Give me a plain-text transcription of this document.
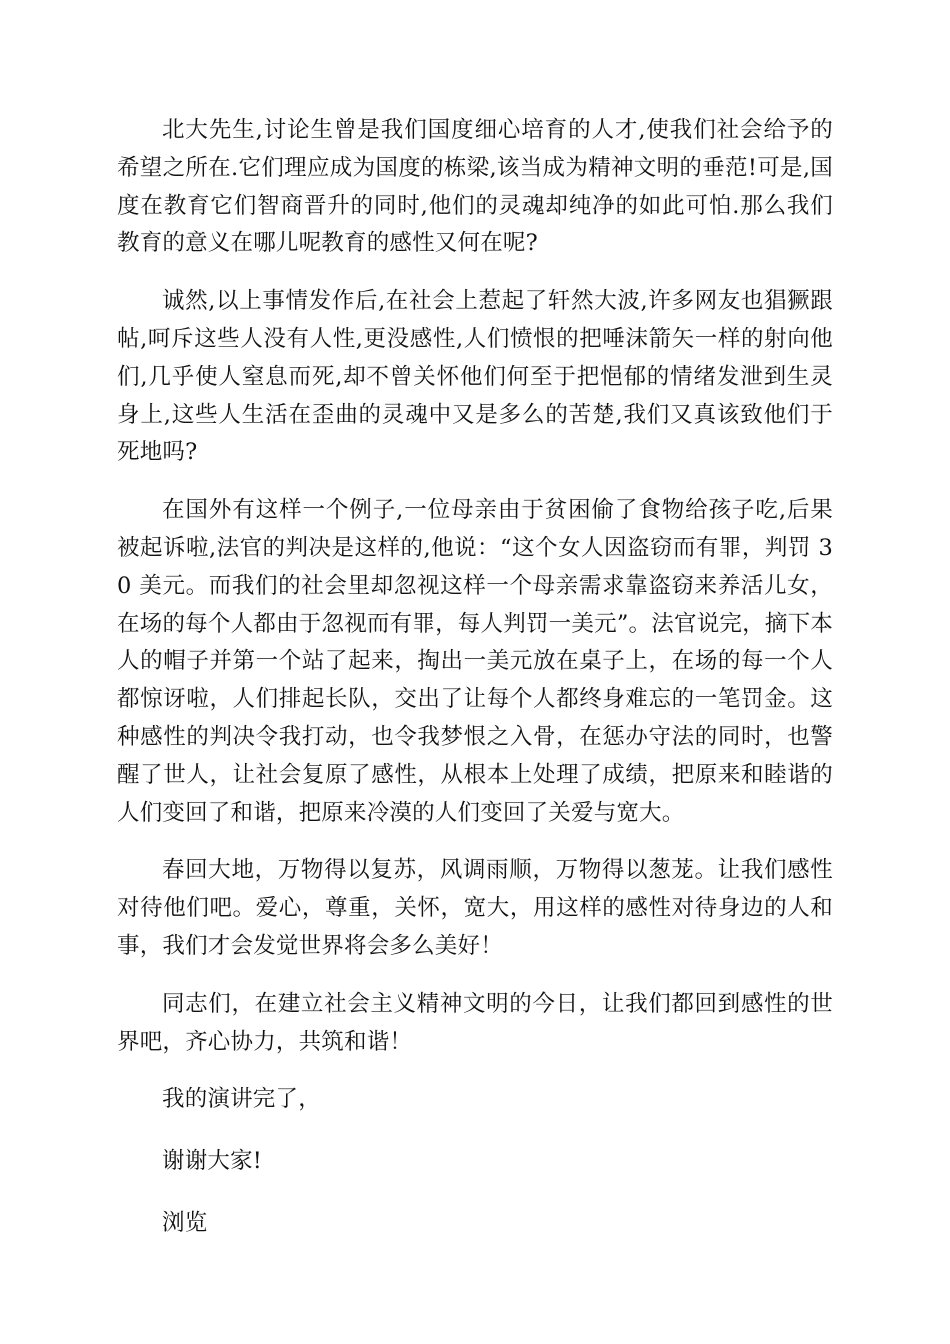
北大先生,讨论生曾是我们国度细心培育的人才,使我们社会给予的希望之所在.它们理应成为国度的栋梁,该当成为精神文明的垂范!可是,国度在教育它们智商晋升的同时,他们的灵魂却纯净的如此可怕.那么我们教育的意义在哪儿呢教育的感性又何在呢?

诚然,以上事情发作后,在社会上惹起了轩然大波,许多网友也猖獗跟帖,呵斥这些人没有人性,更没感性,人们愤恨的把唾沫箭矢一样的射向他们,几乎使人窒息而死,却不曾关怀他们何至于把悒郁的情绪发泄到生灵身上,这些人生活在歪曲的灵魂中又是多么的苦楚,我们又真该致他们于死地吗?

在国外有这样一个例子,一位母亲由于贫困偷了食物给孩子吃,后果被起诉啦,法官的判决是这样的,他说：“这个女人因盗窃而有罪，判罚 30 美元。而我们的社会里却忽视这样一个母亲需求靠盗窃来养活儿女，在场的每个人都由于忽视而有罪，每人判罚一美元”。法官说完，摘下本人的帽子并第一个站了起来，掏出一美元放在桌子上，在场的每一个人都惊讶啦，人们排起长队，交出了让每个人都终身难忘的一笔罚金。这种感性的判决令我打动，也令我梦恨之入骨，在惩办守法的同时，也警醒了世人，让社会复原了感性，从根本上处理了成绩，把原来和睦谐的人们变回了和谐，把原来冷漠的人们变回了关爱与宽大。

春回大地，万物得以复苏，风调雨顺，万物得以葱茏。让我们感性对待他们吧。爱心，尊重，关怀，宽大，用这样的感性对待身边的人和事，我们才会发觉世界将会多么美好！

同志们，在建立社会主义精神文明的今日，让我们都回到感性的世界吧，齐心协力，共筑和谐！

我的演讲完了，

谢谢大家!

浏览
